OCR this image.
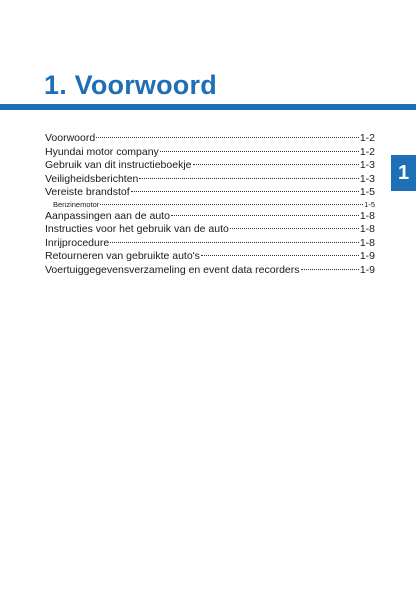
1. Voorwoord
1
Voorwoord	1-2
Hyundai motor company	1-2
Gebruik van dit instructieboekje	1-3
Veiligheidsberichten	1-3
Vereiste brandstof	1-5
Benzinemotor	1-5
Aanpassingen aan de auto	1-8
Instructies voor het gebruik van de auto	1-8
Inrijprocedure	1-8
Retourneren van gebruikte auto's	1-9
Voertuiggegevensverzameling en event data recorders	1-9
